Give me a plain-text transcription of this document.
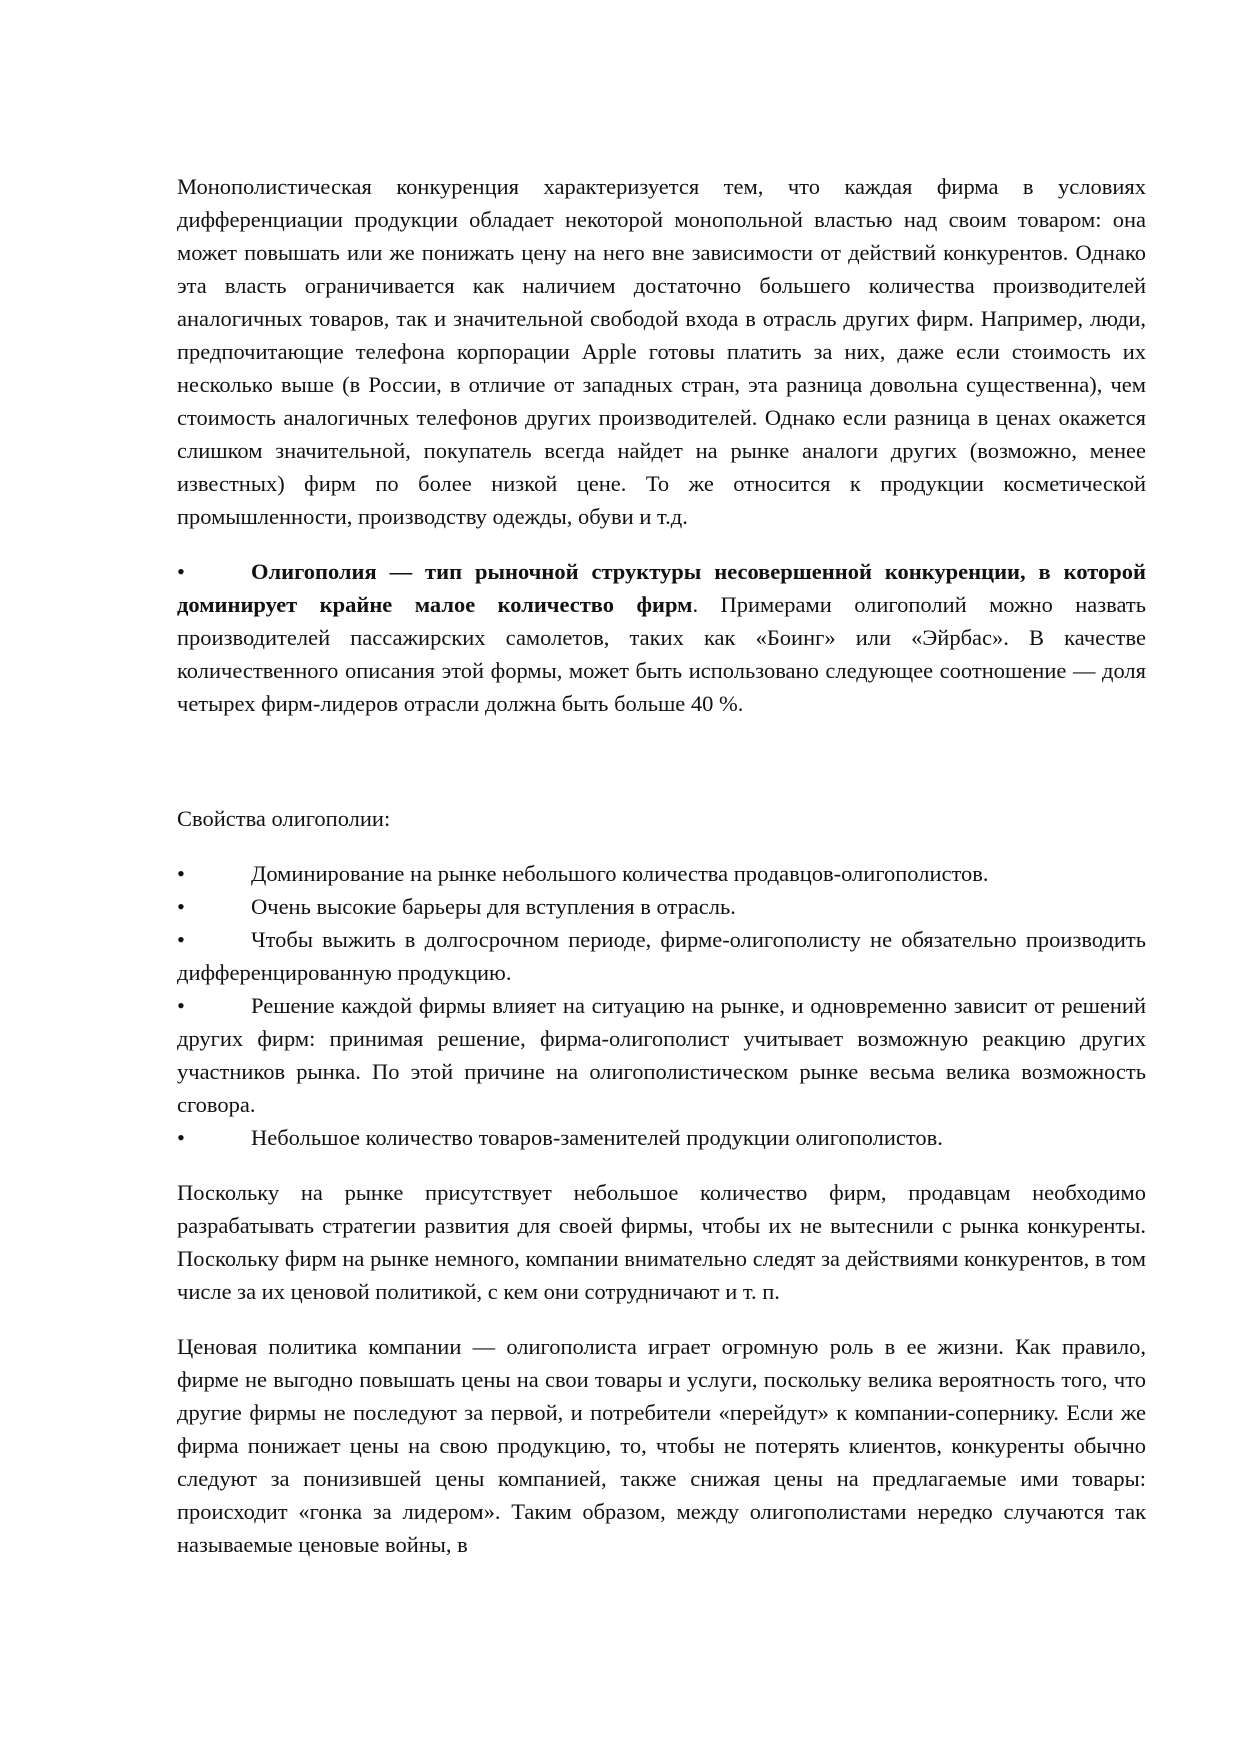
Монополистическая конкуренция характеризуется тем, что каждая фирма в условиях дифференциации продукции обладает некоторой монопольной властью над своим товаром: она может повышать или же понижать цену на него вне зависимости от действий конкурентов. Однако эта власть ограничивается как наличием достаточно большего количества производителей аналогичных товаров, так и значительной свободой входа в отрасль других фирм. Например, люди, предпочитающие телефона корпорации Apple готовы платить за них, даже если стоимость их несколько выше (в России, в отличие от западных стран, эта разница довольна существенна), чем стоимость аналогичных телефонов других производителей. Однако если разница в ценах окажется слишком значительной, покупатель всегда найдет на рынке аналоги других (возможно, менее известных) фирм по более низкой цене. То же относится к продукции косметической промышленности, производству одежды, обуви и т.д.

•	Олигополия — тип рыночной структуры несовершенной конкуренции, в которой доминирует крайне малое количество фирм. Примерами олигополий можно назвать производителей пассажирских самолетов, таких как «Боинг» или «Эйрбас». В качестве количественного описания этой формы, может быть использовано следующее соотношение — доля четырех фирм-лидеров отрасли должна быть больше 40 %.

Свойства олигополии:

•	Доминирование на рынке небольшого количества продавцов-олигополистов.

•	Очень высокие барьеры для вступления в отрасль.

•	Чтобы выжить в долгосрочном периоде, фирме-олигополисту не обязательно производить дифференцированную продукцию.

•	Решение каждой фирмы влияет на ситуацию на рынке, и одновременно зависит от решений других фирм: принимая решение, фирма-олигополист учитывает возможную реакцию других участников рынка. По этой причине на олигополистическом рынке весьма велика возможность сговора.

•	Небольшое количество товаров-заменителей продукции олигополистов.

Поскольку на рынке присутствует небольшое количество фирм, продавцам необходимо разрабатывать стратегии развития для своей фирмы, чтобы их не вытеснили с рынка конкуренты. Поскольку фирм на рынке немного, компании внимательно следят за действиями конкурентов, в том числе за их ценовой политикой, с кем они сотрудничают и т. п.

Ценовая политика компании — олигополиста играет огромную роль в ее жизни. Как правило, фирме не выгодно повышать цены на свои товары и услуги, поскольку велика вероятность того, что другие фирмы не последуют за первой, и потребители «перейдут» к компании-сопернику. Если же фирма понижает цены на свою продукцию, то, чтобы не потерять клиентов, конкуренты обычно следуют за понизившей цены компанией, также снижая цены на предлагаемые ими товары: происходит «гонка за лидером». Таким образом, между олигополистами нередко случаются так называемые ценовые войны, в
